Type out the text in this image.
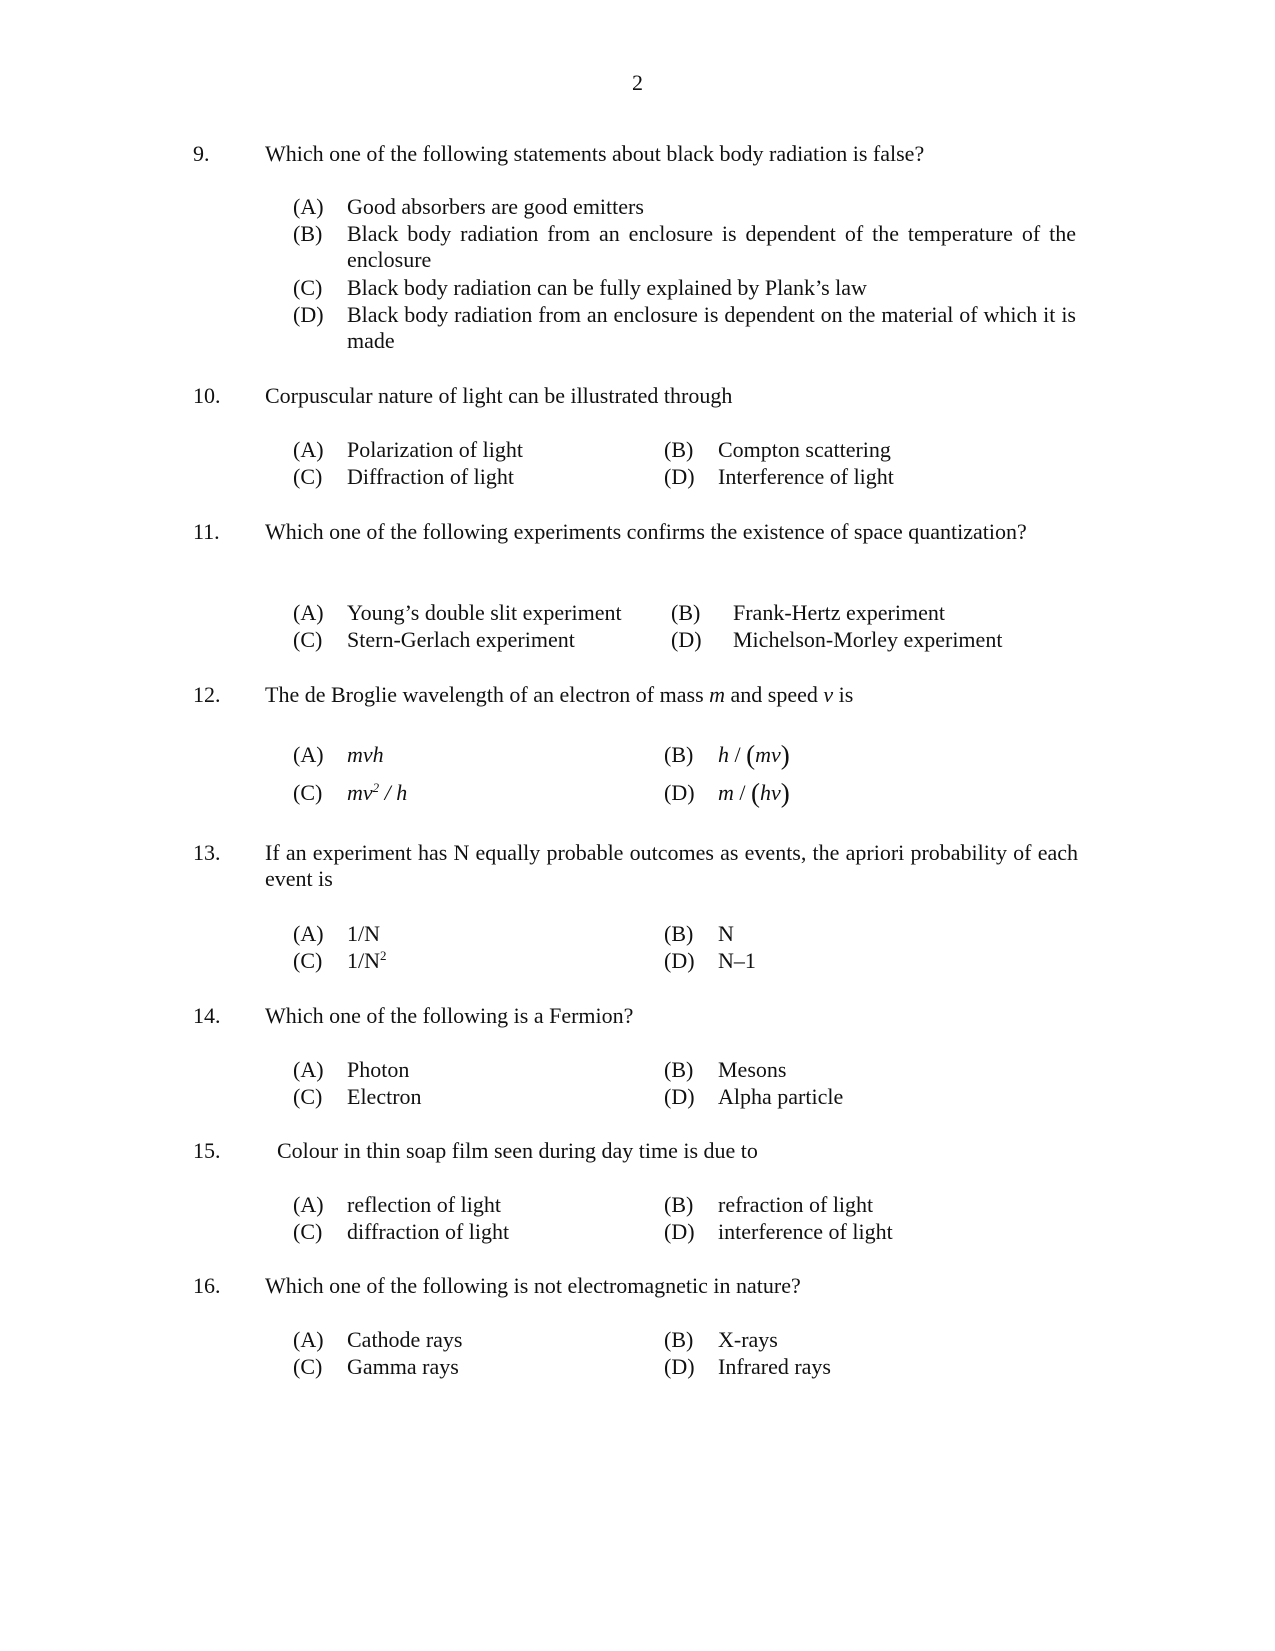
2
9.	Which one of the following statements about black body radiation is false?
(A) Good absorbers are good emitters
(B) Black body radiation from an enclosure is dependent of the temperature of the enclosure
(C) Black body radiation can be fully explained by Plank’s law
(D) Black body radiation from an enclosure is dependent on the material of which it is made
10. Corpuscular nature of light can be illustrated through
(A) Polarization of light	(B) Compton scattering
(C) Diffraction of light	(D) Interference of light
11. Which one of the following experiments confirms the existence of space quantization?
(A) Young’s double slit experiment (B) Frank-Hertz experiment
(C) Stern-Gerlach experiment	(D) Michelson-Morley experiment
12. The de Broglie wavelength of an electron of mass m and speed v is
(A) mvh	(B) h / (mv)
(C) $mv^2$ / h	(D) m / (hv)
13. If an experiment has N equally probable outcomes as events, the apriori probability of each event is
(A) 1/N	(B) N
(C) $1/N^2$	(D) N–1
14. Which one of the following is a Fermion?
(A) Photon	(B) Mesons
(C) Electron	(D) Alpha particle
15.	Colour in thin soap film seen during day time is due to
(A) reflection of light	(B) refraction of light
(C) diffraction of light	(D) interference of light
16. Which one of the following is not electromagnetic in nature?
(A) Cathode rays	(B) X-rays
(C) Gamma rays	(D) Infrared rays
